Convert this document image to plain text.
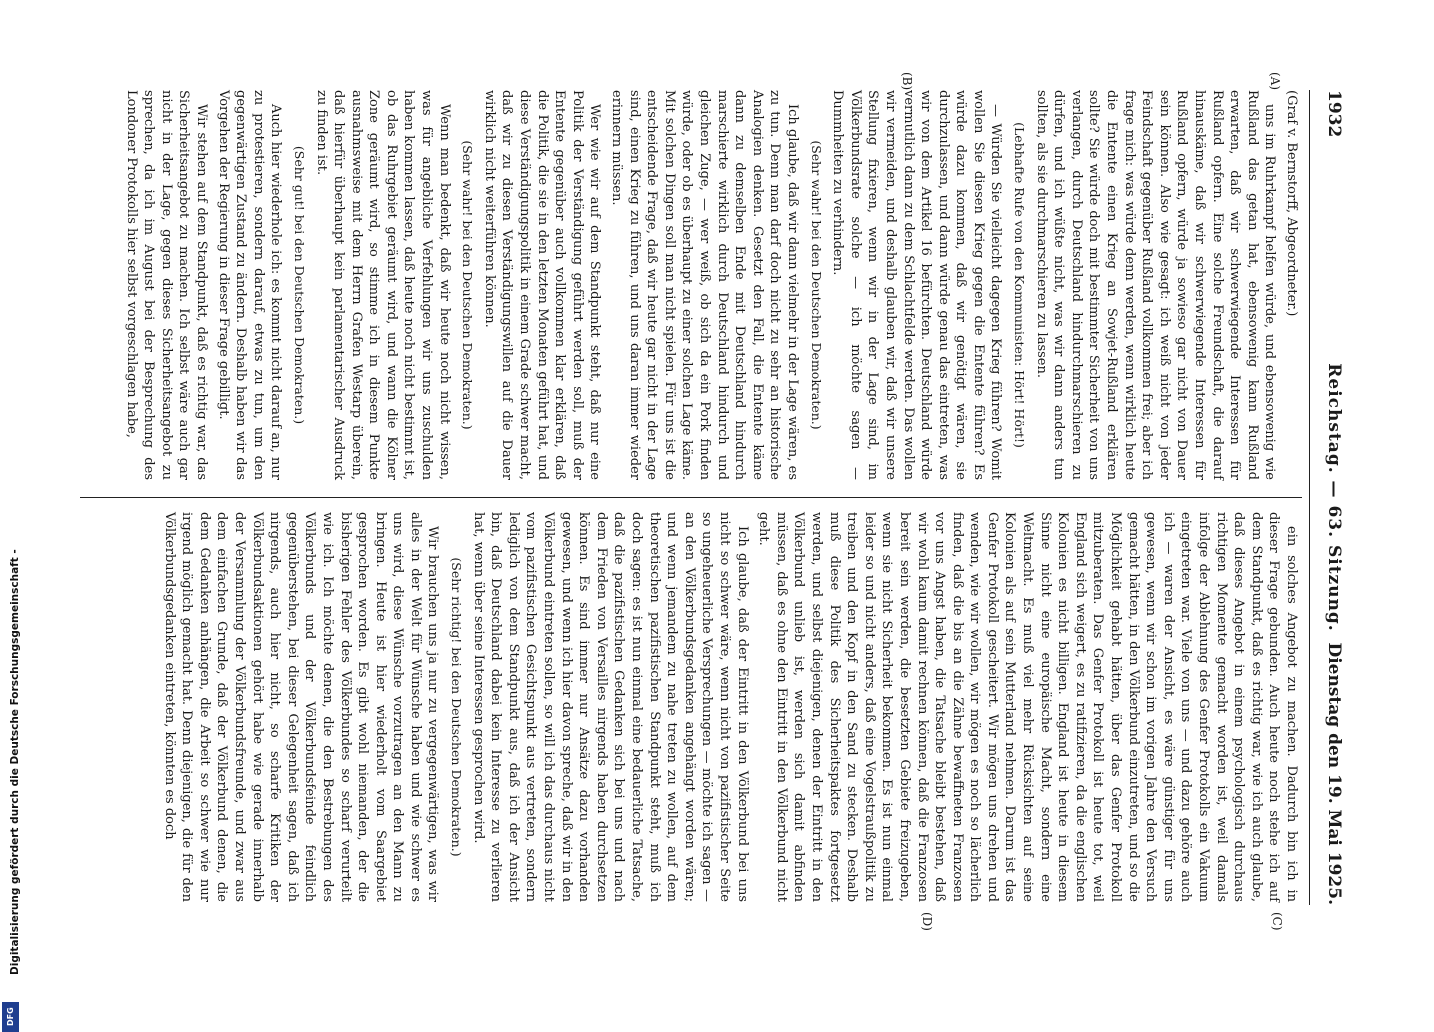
1932
Reichstag. — 63. Sitzung.
Dienstag den 19. Mai 1925.
(A)
(B)
(C)
(D)

(Graf v. Bernstorff, Abgeordneter.)

uns im Ruhrkampf helfen würde, und ebensowenig wie Rußland das getan hat, ebensowenig kann Rußland erwarten, daß wir schwerwiegende Interessen für Rußland opfern. Eine solche Freundschaft, die darauf hinauskäme, daß wir schwerwiegende Interessen für Rußland opfern, würde ja sowieso gar nicht von Dauer sein können. Also wie gesagt: ich weiß nicht von jeder Feindschaft gegenüber Rußland vollkommen frei; aber ich frage mich: was würde denn werden, wenn wirklich heute die Entente einen Krieg an Sowjet-Rußland erklären sollte? Sie würde doch mit bestimmter Sicherheit von uns verlangen, durch Deutschland hindurchmarschieren zu dürfen, und ich wüßte nicht, was wir dann anders tun sollten, als sie durchmarschieren zu lassen.

(Lebhafte Rufe von den Kommunisten: Hört! Hört!)

— Würden Sie vielleicht dagegen Krieg führen? Womit wollen Sie diesen Krieg gegen die Entente führen? Es würde dazu kommen, daß wir genötigt wären, sie durchzulassen, und dann würde genau das eintreten, was wir von dem Artikel 16 befürchten. Deutschland würde vermutlich dann zu dem Schlachtfelde werden. Das wollen wir vermeiden, und deshalb glauben wir, daß wir unsere Stellung fixieren, wenn wir in der Lage sind, im Völkerbundsrate solche — ich möchte sagen — Dummheiten zu verhindern.

(Sehr wahr! bei den Deutschen Demokraten.)

Ich glaube, daß wir dann vielmehr in der Lage wären, es zu tun. Denn man darf doch nicht zu sehr an historische Analogien denken. Gesetzt den Fall, die Entente käme dann zu demselben Ende mit Deutschland hindurch marschierte wirklich durch Deutschland hindurch und gleichen Zuge, — wer weiß, ob sich da ein Pork finden würde, oder ob es überhaupt zu einer solchen Lage käme. Mit solchen Dingen soll man nicht spielen. Für uns ist die entscheidende Frage, daß wir heute gar nicht in der Lage sind, einen Krieg zu führen, und uns daran immer wieder erinnern müssen.

Wer wie wir auf dem Standpunkt steht, daß nur eine Politik der Verständigung geführt werden soll, muß der Entente gegenüber auch vollkommen klar erklären, daß die Politik, die sie in den letzten Monaten geführt hat, und diese Verständigungspolitik in einem Grade schwer macht, daß wir zu diesen Verständigungswillen auf die Dauer wirklich nicht weiterführen können.

(Sehr wahr! bei den Deutschen Demokraten.)

Wenn man bedenkt, daß wir heute noch nicht wissen, was für angebliche Verfehlungen wir uns zuschulden haben kommen lassen, daß heute noch nicht bestimmt ist, ob das Ruhrgebiet geräumt wird, und wann die Kölner Zone geräumt wird, so stimme ich in diesem Punkte ausnahmsweise mit dem Herrn Grafen Westarp überein, daß hierfür überhaupt kein parlamentarischer Ausdruck zu finden ist.

(Sehr gut! bei den Deutschen Demokraten.)

Auch hier wiederhole ich: es kommt nicht darauf an, nur zu protestieren, sondern darauf, etwas zu tun, um den gegenwärtigen Zustand zu ändern. Deshalb haben wir das Vorgehen der Regierung in dieser Frage gebilligt.

Wir stehen auf dem Standpunkt, daß es richtig war, das Sicherheitsangebot zu machen. Ich selbst wäre auch gar nicht in der Lage, gegen dieses Sicherheitsangebot zu sprechen, da ich im August bei der Besprechung des Londoner Protokolls hier selbst vorgeschlagen habe,

ein solches Angebot zu machen. Dadurch bin ich in dieser Frage gebunden. Auch heute noch stehe ich auf dem Standpunkt, daß es richtig war, wie ich auch glaube, daß dieses Angebot in einem psychologisch durchaus richtigen Momente gemacht worden ist, weil damals infolge der Ablehnung des Genfer Protokolls ein Vakuum eingetreten war. Viele von uns — und dazu gehöre auch ich — waren der Ansicht, es wäre günstiger für uns gewesen, wenn wir schon im vorigen Jahre den Versuch gemacht hätten, in den Völkerbund einzutreten, und so die Möglichkeit gehabt hätten, über das Genfer Protokoll mitzuberaten. Das Genfer Protokoll ist heute tot, weil England sich weigert, es zu ratifizieren, da die englischen Kolonien es nicht billigen. England ist heute in diesem Sinne nicht eine europäische Macht, sondern eine Weltmacht. Es muß viel mehr Rücksichten auf seine Kolonien als auf sein Mutterland nehmen. Darum ist das Genfer Protokoll gescheitert. Wir mögen uns drehen und wenden, wie wir wollen, wir mögen es noch so lächerlich finden, daß die bis an die Zähne bewaffneten Franzosen vor uns Angst haben, die Tatsache bleibt bestehen, daß wir wohl kaum damit rechnen können, daß die Franzosen bereit sein werden, die besetzten Gebiete freizugeben, wenn sie nicht Sicherheit bekommen. Es ist nun einmal leider so und nicht anders, daß eine Vogelstraußpolitik zu treiben und den Kopf in den Sand zu stecken. Deshalb muß diese Politik des Sicherheitspaktes fortgesetzt werden, und selbst diejenigen, denen der Eintritt in den Völkerbund unlieb ist, werden sich damit abfinden müssen, daß es ohne den Eintritt in den Völkerbund nicht geht.

Ich glaube, daß der Eintritt in den Völkerbund bei uns nicht so schwer wäre, wenn nicht von pazifistischer Seite so ungeheuerliche Versprechungen — möchte ich sagen — an den Völkerbundsgedanken angehängt worden wären; und wenn jemandem zu nahe treten zu wollen, auf dem theoretischen pazifistischen Standpunkt steht, muß ich doch sagen: es ist nun einmal eine bedauerliche Tatsache, daß die pazifistischen Gedanken sich bei uns und nach dem Frieden von Versailles nirgends haben durchsetzen können. Es sind immer nur Ansätze dazu vorhanden gewesen, und wenn ich hier davon spreche, daß wir in den Völkerbund eintreten sollen, so will ich das durchaus nicht vom pazifistischen Gesichtspunkt aus vertreten, sondern lediglich von dem Standpunkt aus, daß ich der Ansicht bin, daß Deutschland dabei kein Interesse zu verlieren hat, wenn über seine Interessen gesprochen wird.

(Sehr richtig! bei den Deutschen Demokraten.)

Wir brauchen uns ja nur zu vergegenwärtigen, was wir alles in der Welt für Wünsche haben und wie schwer es uns wird, diese Wünsche vorzutragen an den Mann zu bringen. Heute ist hier wiederholt vom Saargebiet gesprochen worden. Es gibt wohl niemanden, der die bisherigen Fehler des Völkerbundes so scharf verurteilt wie ich. Ich möchte denen, die den Bestrebungen des Völkerbunds und der Völkerbundsfeinde feindlich gegenüberstehen, bei dieser Gelegenheit sagen, daß ich nirgends, auch hier nicht, so scharfe Kritiken der Völkerbundsaktionen gehört habe wie gerade innerhalb der Versammlung der Völkerbundsfreunde, und zwar aus dem einfachen Grunde, daß der Völkerbund denen, die dem Gedanken anhängen, die Arbeit so schwer wie nur irgend möglich gemacht hat. Denn diejenigen, die für den Völkerbundsgedanken eintreten, könnten es doch

Digitalisierung gefördert durch die Deutsche Forschungsgemeinschaft -
DFG
